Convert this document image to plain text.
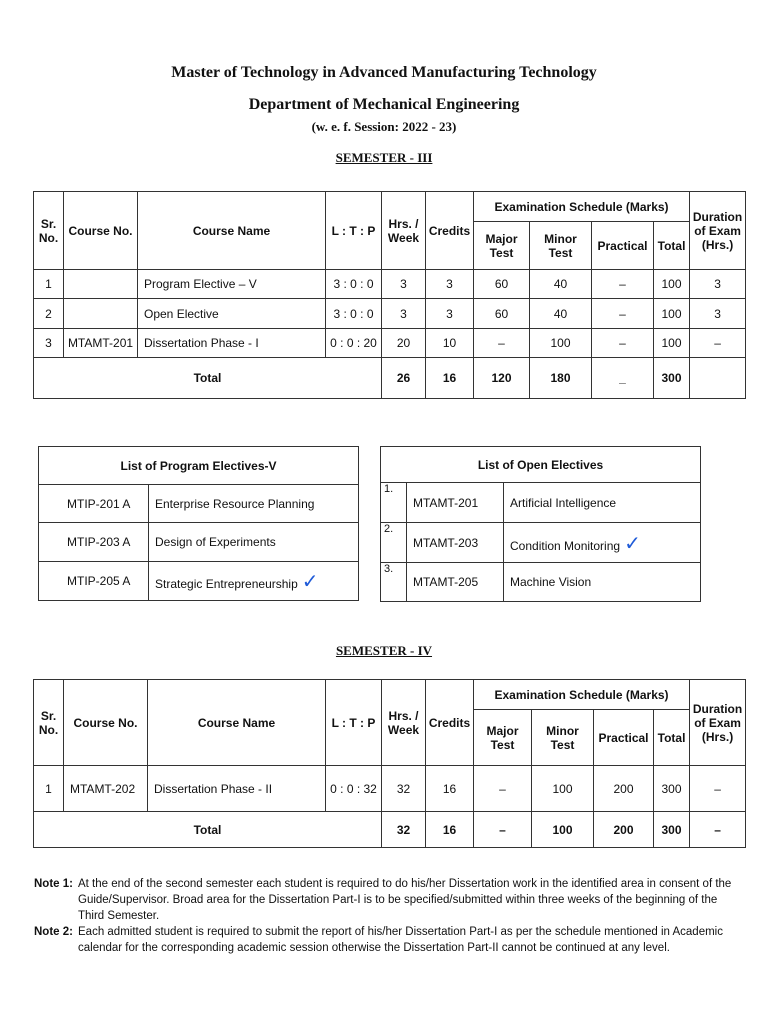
Master of Technology in Advanced Manufacturing Technology
Department of Mechanical Engineering
(w. e. f. Session: 2022 - 23)
SEMESTER - III
Sr. No.	Course No.	Course Name	L : T : P	Hrs. / Week	Credits	Examination Schedule (Marks)				Duration of Exam (Hrs.)
						Major Test	Minor Test	Practical	Total	
1		Program Elective – V	3 : 0 : 0	3	3	60	40	–	100	3
2		Open Elective	3 : 0 : 0	3	3	60	40	–	100	3
3	MTAMT-201	Dissertation Phase - I	0 : 0 : 20	20	10	–	100	–	100	–
Total				26	16	120	180	_	300	
List of Program Electives-V	
MTIP-201 A	Enterprise Resource Planning
MTIP-203 A	Design of Experiments
MTIP-205 A	Strategic Entrepreneurship ✓
List of Open Electives		
1.	MTAMT-201	Artificial Intelligence
2.	MTAMT-203	Condition Monitoring ✓
3.	MTAMT-205	Machine Vision
SEMESTER - IV
Sr. No.	Course No.	Course Name	L : T : P	Hrs. / Week	Credits	Examination Schedule (Marks)				Duration of Exam (Hrs.)
						Major Test	Minor Test	Practical	Total	
1	MTAMT-202	Dissertation Phase - II	0 : 0 : 32	32	16	–	100	200	300	–
Total				32	16	–	100	200	300	–
Note 1: At the end of the second semester each student is required to do his/her Dissertation work in the identified area in consent of the Guide/Supervisor. Broad area for the Dissertation Part-I is to be specified/submitted within three weeks of the beginning of the Third Semester.
Note 2: Each admitted student is required to submit the report of his/her Dissertation Part-I as per the schedule mentioned in Academic calendar for the corresponding academic session otherwise the Dissertation Part-II cannot be continued at any level.
